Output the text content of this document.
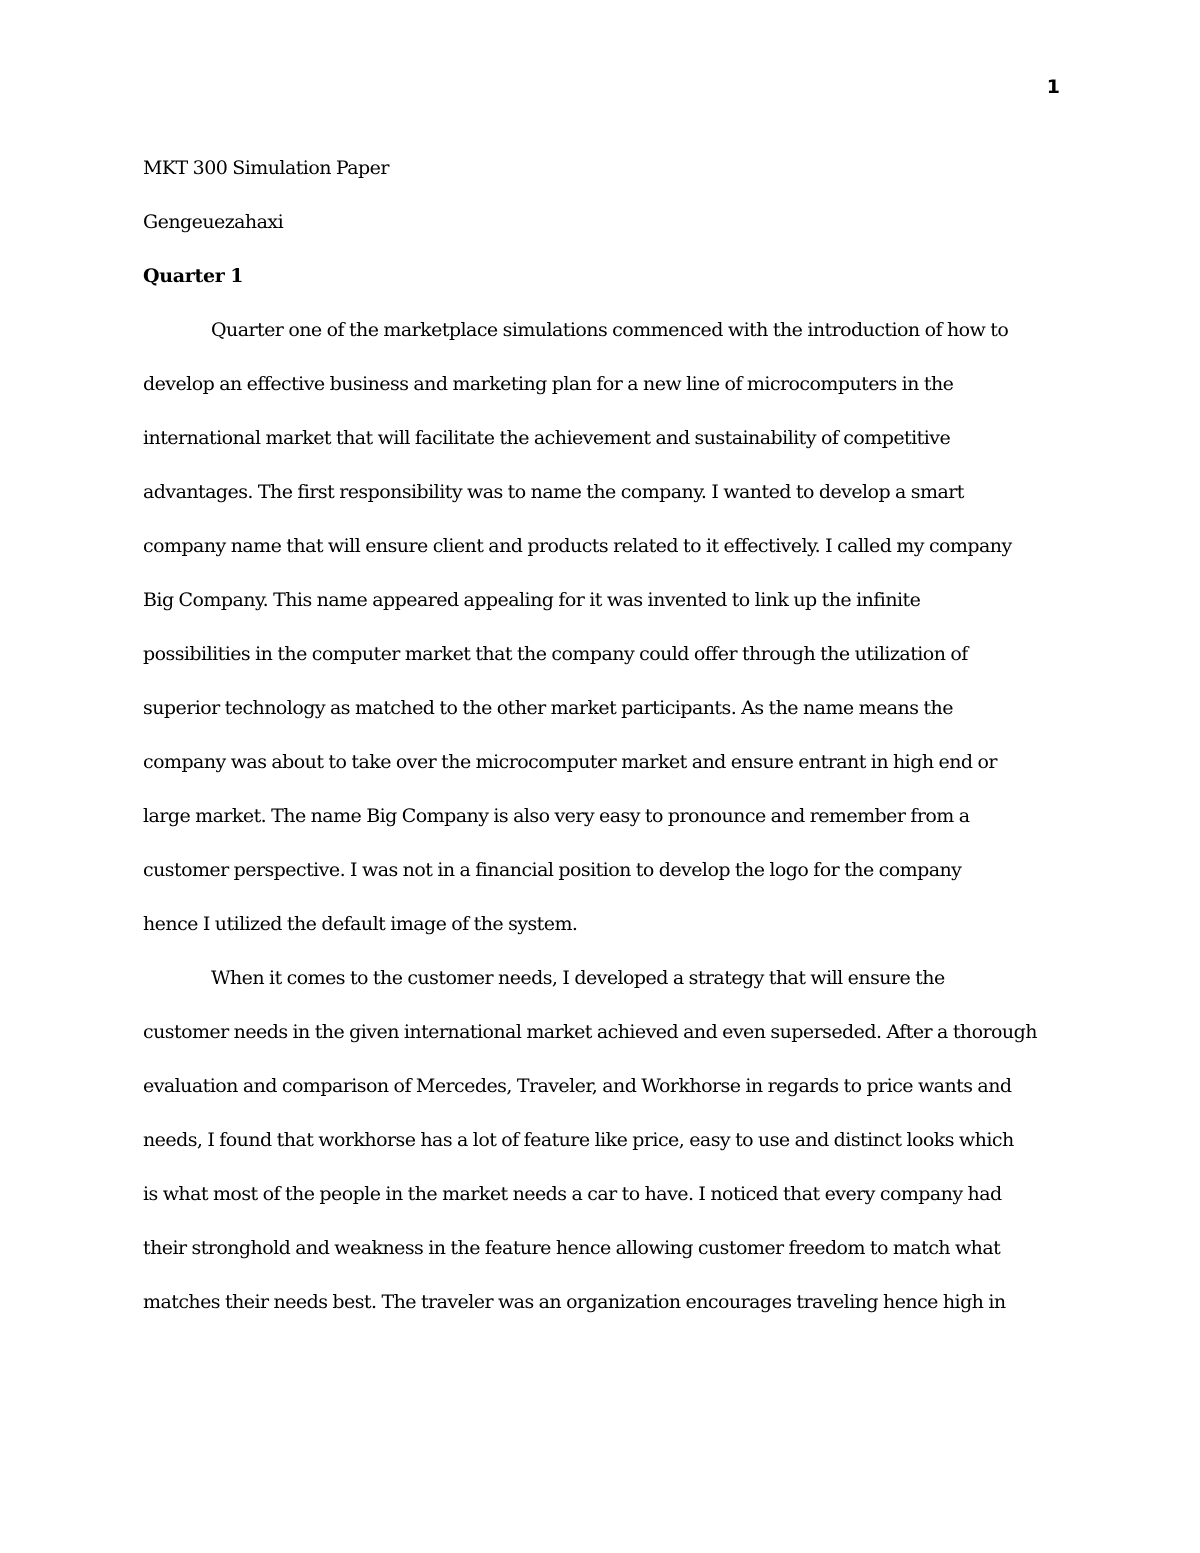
1
MKT 300 Simulation Paper
Gengeuezahaxi
Quarter 1
Quarter one of the marketplace simulations commenced with the introduction of how to
develop an effective business and marketing plan for a new line of microcomputers in the
international market that will facilitate the achievement and sustainability of competitive
advantages. The first responsibility was to name the company. I wanted to develop a smart
company name that will ensure client and products related to it effectively. I called my company
Big Company. This name appeared appealing for it was invented to link up the infinite
possibilities in the computer market that the company could offer through the utilization of
superior technology as matched to the other market participants. As the name means the
company was about to take over the microcomputer market and ensure entrant in high end or
large market. The name Big Company is also very easy to pronounce and remember from a
customer perspective. I was not in a financial position to develop the logo for the company
hence I utilized the default image of the system.
When it comes to the customer needs, I developed a strategy that will ensure the
customer needs in the given international market achieved and even superseded. After a thorough
evaluation and comparison of Mercedes, Traveler, and Workhorse in regards to price wants and
needs, I found that workhorse has a lot of feature like price, easy to use and distinct looks which
is what most of the people in the market needs a car to have. I noticed that every company had
their stronghold and weakness in the feature hence allowing customer freedom to match what
matches their needs best. The traveler was an organization encourages traveling hence high in
